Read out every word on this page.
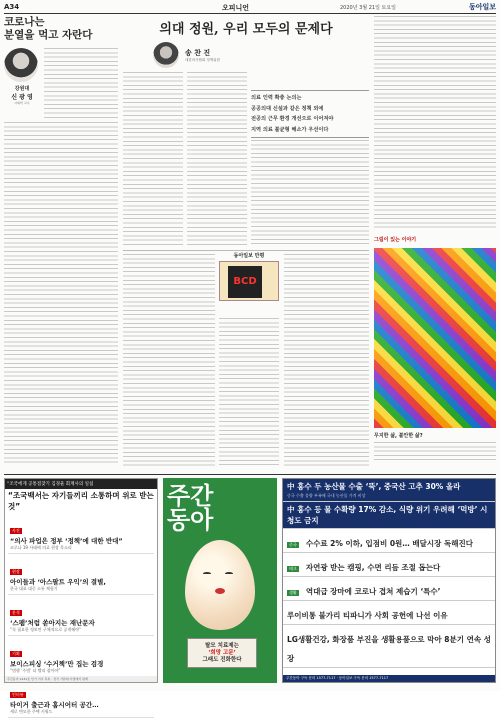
A34	오피니언	2020년 3월 21일 토요일	동아일보
코로나는
분열을 먹고 자란다
강원대
신 광 영
사회학 교수
의대 정원, 우리 모두의 문제다
송 찬 진
대한의사협회 정책위원
의료 인력 확충 논의는
공공의대 신설과 같은 정책 외에
전공의 근무 환경 개선으로 이어져야
지역 의료 불균형 해소가 우선이다
동아일보 만평
BCD
그림이 있는 이야기
무지한 삶, 불안한 삶?
“조국에게 공통점찾기 김경율 회계사의 일침
“조국백서는 자기들끼리 소통하며 위로 받는 것”
사진
“의사 파업은 정부 ‘정책’에 대한 반대”
코로나 19 사태에 의료 현장 목소리
현장
아이들과 ‘아스팔트 우익’의 결별,
한국 대표 대중 소통 체험기
분석
‘스팸’처럼 쏟아지는 재난문자
“꼭 필요한 정보만 구체적으로 공개해야”
기획
보이스피싱 ‘수거책’만 집는 검경
“범행 ‘주범’ 더 빨리 잡아야”
인터뷰
타이거 출근과 홈시어터 공간…
세로 변모한 주택 키워드
주간동아 1231호 인기 기사 목록 · 전국 가판대·서점에서 판매
주간
동아
탈모 치료제는
‘희망 고문’
그래도 진화한다
中 홍수 두 농산물 수출 ‘뚝’, 중국산 고추 30% 올라
중국 수출 물량 부족에 국내 농산물 가격 비상
中 홍수 등 물 수확량 17% 감소, 식량 위기 우려해 ‘먹방’ 시청도 금지
중국 수수료 2% 이하, 입점비 0원… 배달시장 독해진다
테크 자연광 받는 캠핑, 수면 리듬 조절 돕는다
생활 역대급 장마에 코로나 겹쳐 제습기 ‘특수’
루이비통 불가리 티파니가 사회 공헌에 나선 이유
LG생활건강, 화장품 부진을 생활용품으로 막아 8분기 연속 성장
주간동아 구독 문의 1577-7117 · 동아일보 구독 문의 1577-7117
